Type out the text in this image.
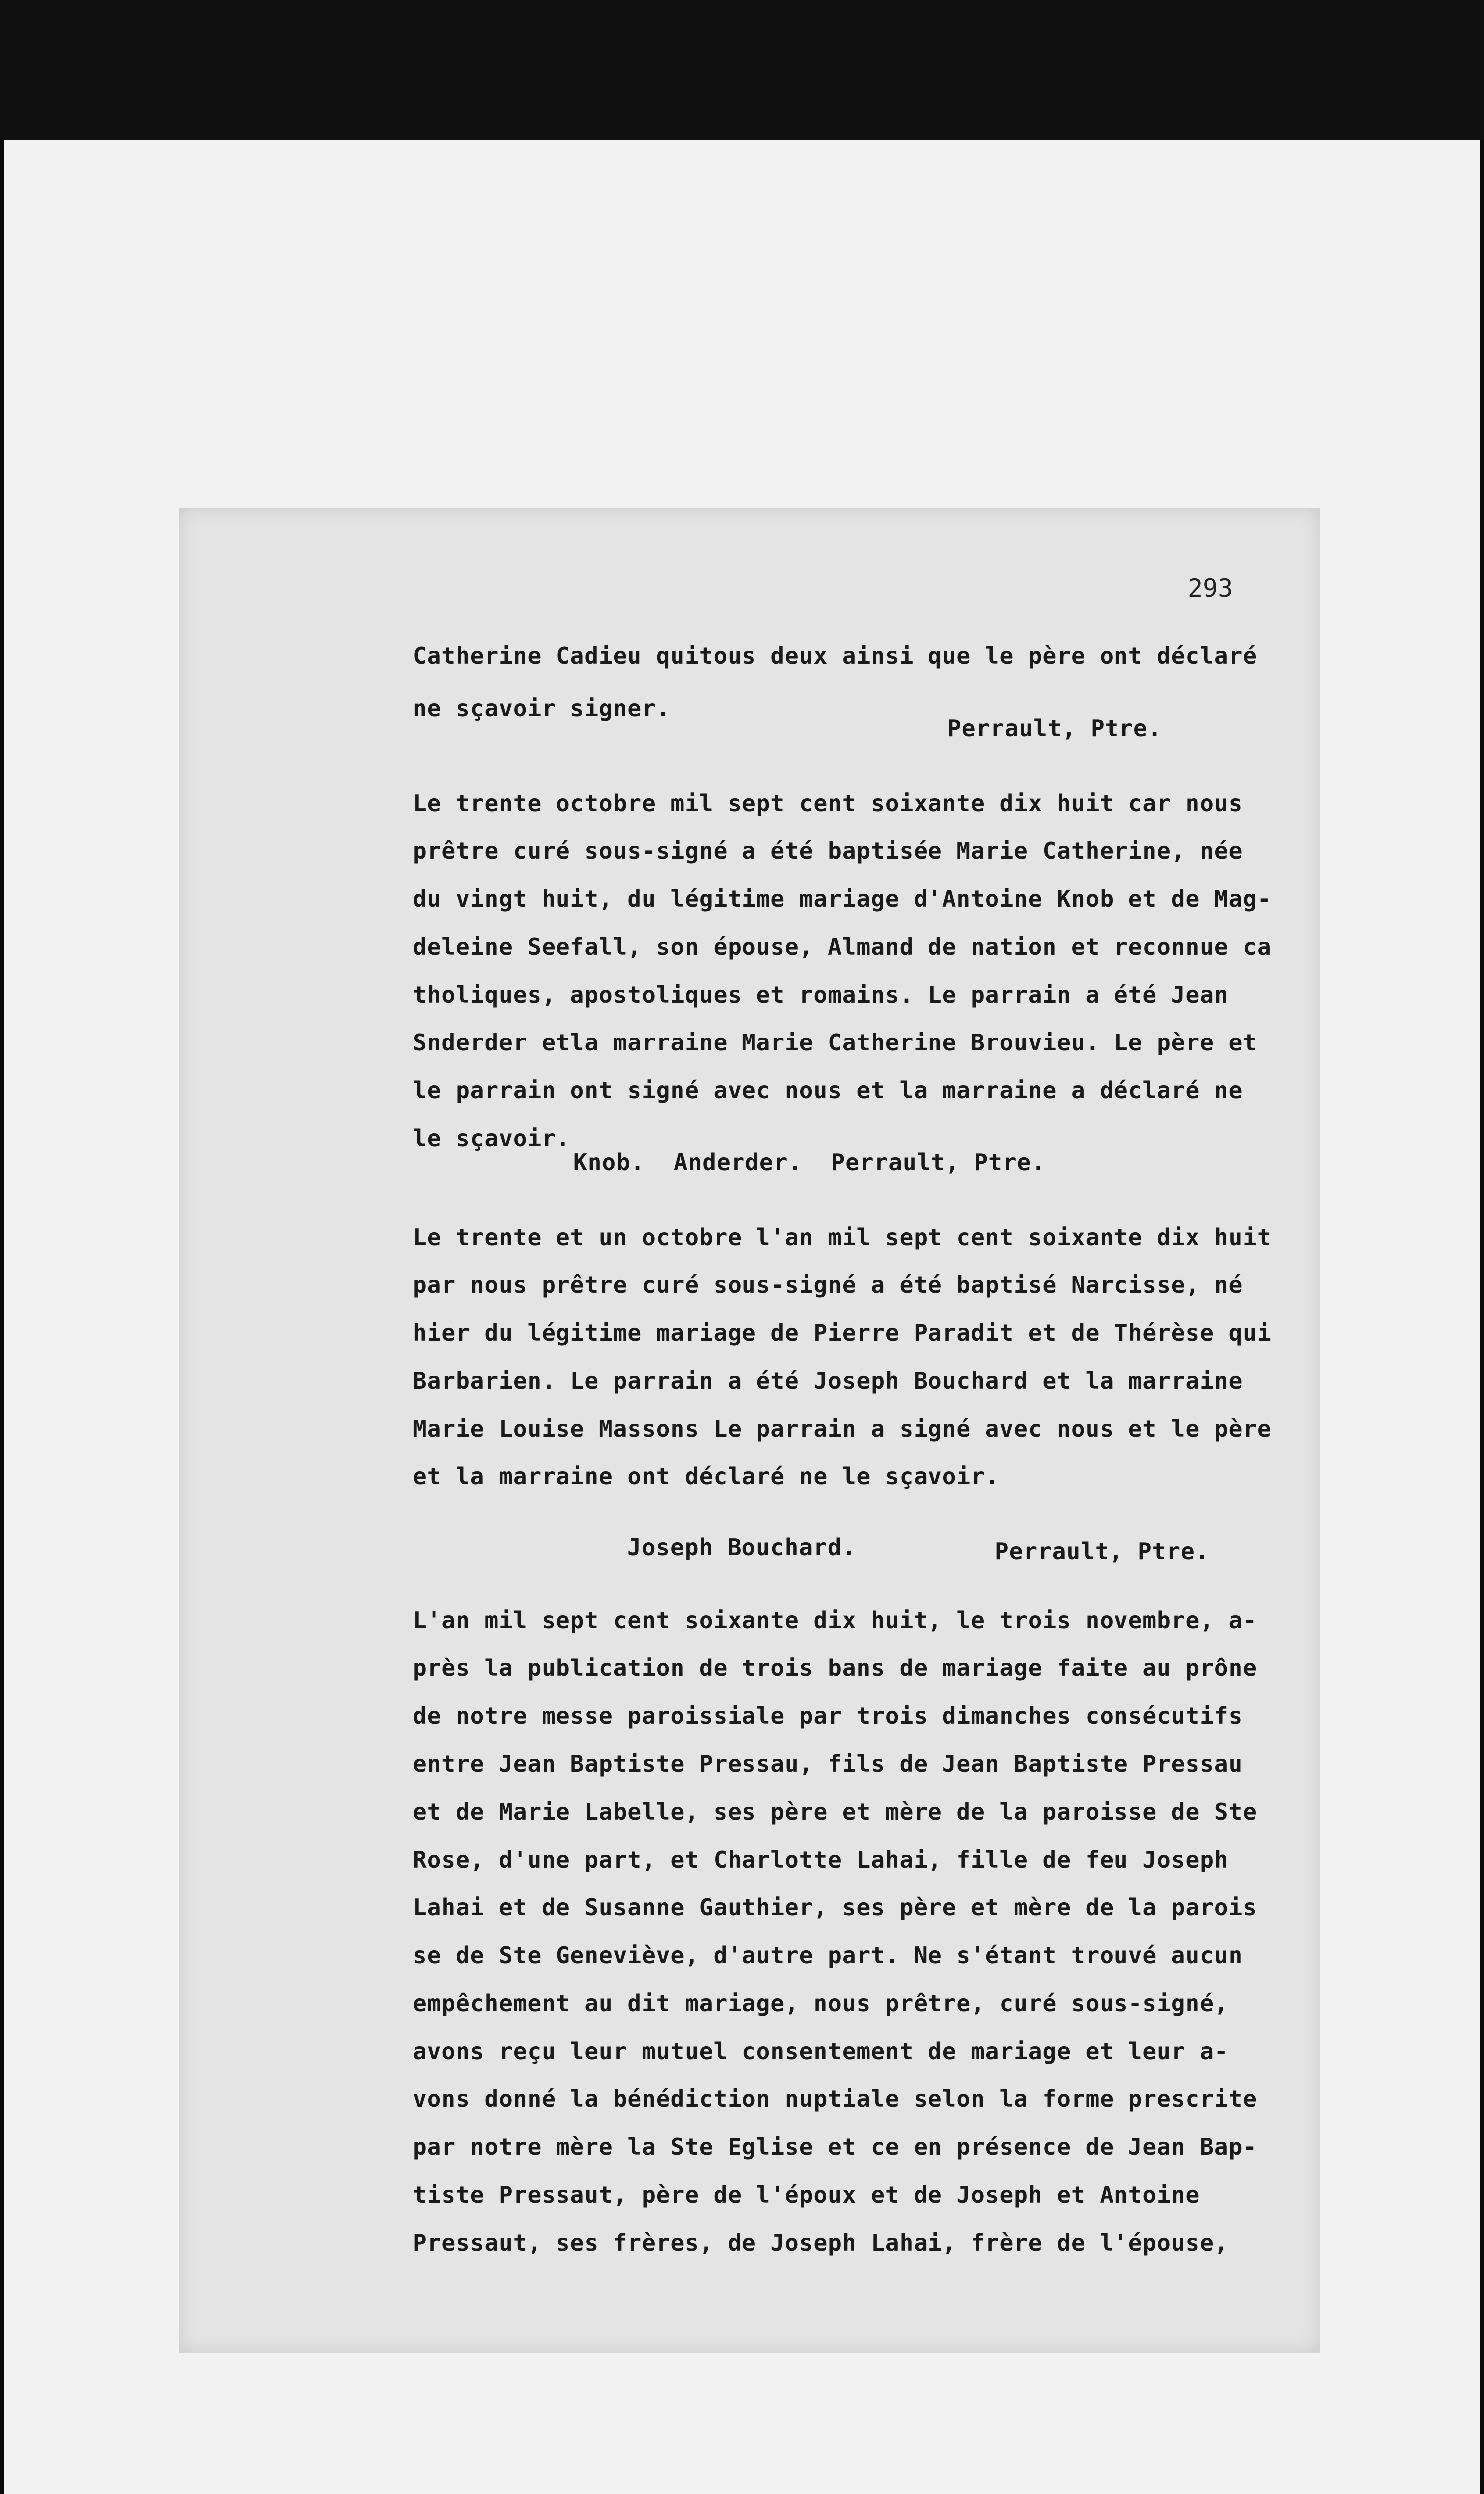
293
Catherine Cadieu quitous deux ainsi que le père ont déclaré
ne sçavoir signer.
Perrault, Ptre.
Le trente octobre mil sept cent soixante dix huit car nous
prêtre curé sous-signé a été baptisée Marie Catherine, née
du vingt huit, du légitime mariage d'Antoine Knob et de Mag-
deleine Seefall, son épouse, Almand de nation et reconnue ca
tholiques, apostoliques et romains. Le parrain a été Jean
Snderder etla marraine Marie Catherine Brouvieu. Le père et
le parrain ont signé avec nous et la marraine a déclaré ne
le sçavoir.
Knob.  Anderder.  Perrault, Ptre.
Le trente et un octobre l'an mil sept cent soixante dix huit
par nous prêtre curé sous-signé a été baptisé Narcisse, né
hier du légitime mariage de Pierre Paradit et de Thérèse qui
Barbarien. Le parrain a été Joseph Bouchard et la marraine
Marie Louise Massons Le parrain a signé avec nous et le père
et la marraine ont déclaré ne le sçavoir.
Joseph Bouchard.	Perrault, Ptre.
L'an mil sept cent soixante dix huit, le trois novembre, a-
près la publication de trois bans de mariage faite au prône
de notre messe paroissiale par trois dimanches consécutifs
entre Jean Baptiste Pressau, fils de Jean Baptiste Pressau
et de Marie Labelle, ses père et mère de la paroisse de Ste
Rose, d'une part, et Charlotte Lahai, fille de feu Joseph
Lahai et de Susanne Gauthier, ses père et mère de la parois
se de Ste Geneviève, d'autre part. Ne s'étant trouvé aucun
empêchement au dit mariage, nous prêtre, curé sous-signé,
avons reçu leur mutuel consentement de mariage et leur a-
vons donné la bénédiction nuptiale selon la forme prescrite
par notre mère la Ste Eglise et ce en présence de Jean Bap-
tiste Pressaut, père de l'époux et de Joseph et Antoine
Pressaut, ses frères, de Joseph Lahai, frère de l'épouse,
